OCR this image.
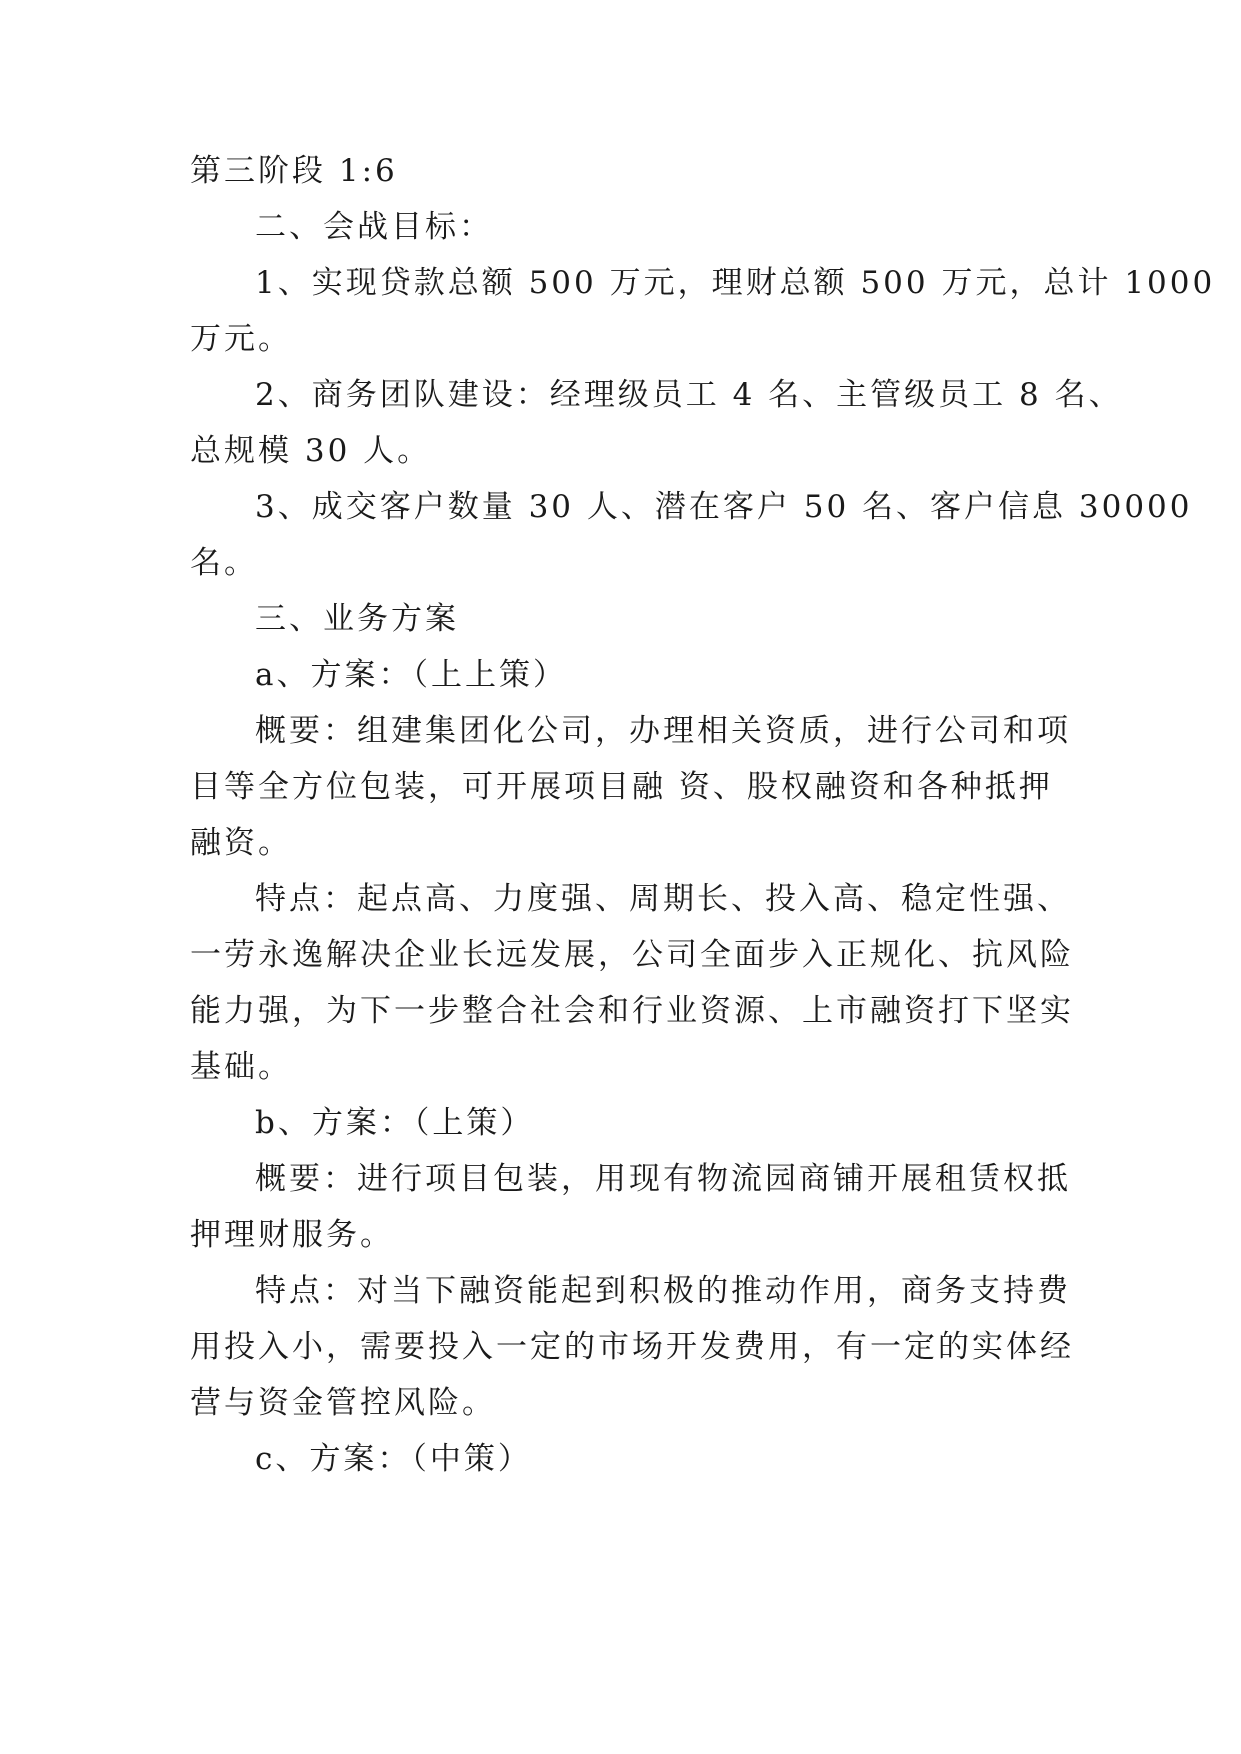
第三阶段 1:6
二、会战目标：
1、实现贷款总额 500 万元，理财总额 500 万元，总计 1000
万元。
2、商务团队建设：经理级员工 4 名、主管级员工 8 名、
总规模 30 人。
3、成交客户数量 30 人、潜在客户 50 名、客户信息 30000
名。
三、业务方案
a、方案：（上上策）
概要：组建集团化公司，办理相关资质，进行公司和项
目等全方位包装，可开展项目融 资、股权融资和各种抵押
融资。
特点：起点高、力度强、周期长、投入高、稳定性强、
一劳永逸解决企业长远发展，公司全面步入正规化、抗风险
能力强，为下一步整合社会和行业资源、上市融资打下坚实
基础。
b、方案：（上策）
概要：进行项目包装，用现有物流园商铺开展租赁权抵
押理财服务。
特点：对当下融资能起到积极的推动作用，商务支持费
用投入小，需要投入一定的市场开发费用，有一定的实体经
营与资金管控风险。
c、方案：（中策）
